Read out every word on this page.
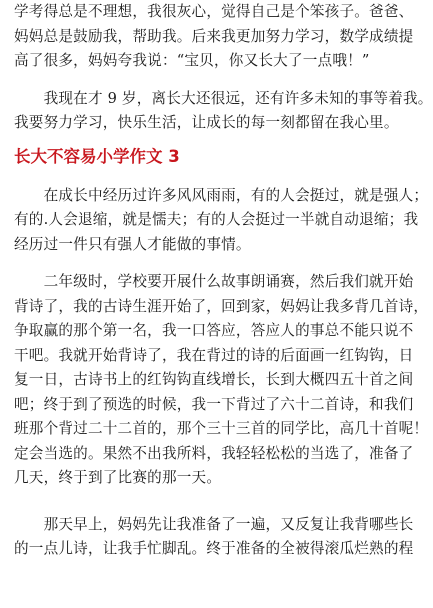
学考得总是不理想，我很灰心，觉得自己是个笨孩子。爸爸、
妈妈总是鼓励我，帮助我。后来我更加努力学习，数学成绩提
高了很多，妈妈夸我说：“宝贝，你又长大了一点哦！”
　　我现在才 9 岁，离长大还很远，还有许多未知的事等着我。
我要努力学习，快乐生活，让成长的每一刻都留在我心里。
长大不容易小学作文 3
　　在成长中经历过许多风风雨雨，有的人会挺过，就是强人；
有的.人会退缩，就是懦夫；有的人会挺过一半就自动退缩；我
经历过一件只有强人才能做的事情。
　　二年级时，学校要开展什么故事朗诵赛，然后我们就开始
背诗了，我的古诗生涯开始了，回到家，妈妈让我多背几首诗，
争取赢的那个第一名，我一口答应，答应人的事总不能只说不
干吧。我就开始背诗了，我在背过的诗的后面画一红钩钩，日
复一日，古诗书上的红钩钩直线增长，长到大概四五十首之间
吧；终于到了预选的时候，我一下背过了六十二首诗，和我们
班那个背过二十二首的，那个三十三首的同学比，高几十首呢！
定会当选的。果然不出我所料，我轻轻松松的当选了，准备了
几天，终于到了比赛的那一天。
　　那天早上，妈妈先让我准备了一遍，又反复让我背哪些长
的一点儿诗，让我手忙脚乱。终于准备的全被得滚瓜烂熟的程
